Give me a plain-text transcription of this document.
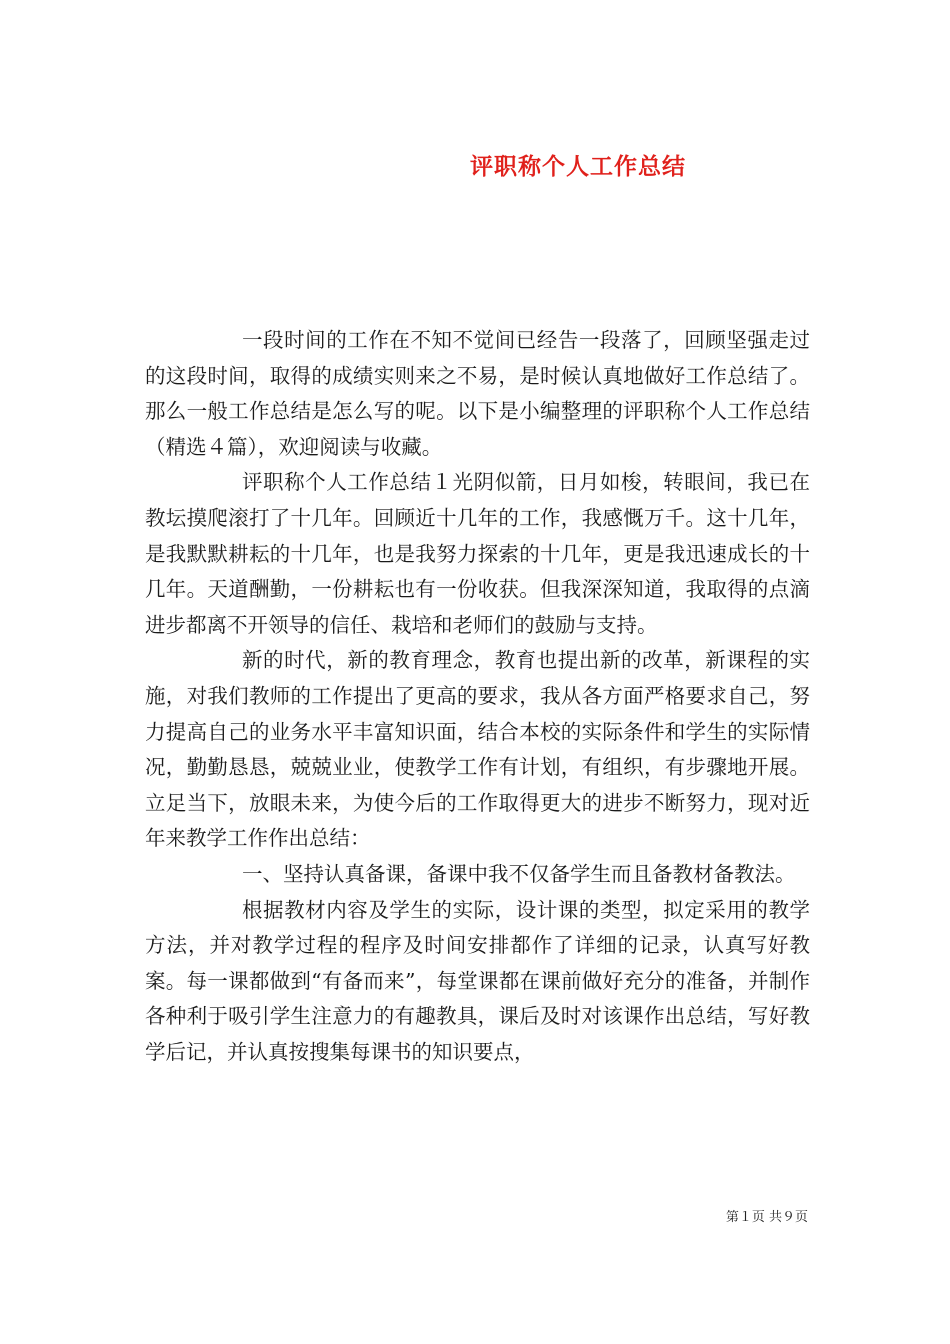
评职称个人工作总结

一段时间的工作在不知不觉间已经告一段落了，回顾坚强走过的这段时间，取得的成绩实则来之不易，是时候认真地做好工作总结了。那么一般工作总结是怎么写的呢。以下是小编整理的评职称个人工作总结（精选４篇），欢迎阅读与收藏。

评职称个人工作总结１光阴似箭，日月如梭，转眼间，我已在教坛摸爬滚打了十几年。回顾近十几年的工作，我感慨万千。这十几年，是我默默耕耘的十几年，也是我努力探索的十几年，更是我迅速成长的十几年。天道酬勤，一份耕耘也有一份收获。但我深深知道，我取得的点滴进步都离不开领导的信任、栽培和老师们的鼓励与支持。

新的时代，新的教育理念，教育也提出新的改革，新课程的实施，对我们教师的工作提出了更高的要求，我从各方面严格要求自己，努力提高自己的业务水平丰富知识面，结合本校的实际条件和学生的实际情况，勤勤恳恳，兢兢业业，使教学工作有计划，有组织，有步骤地开展。立足当下，放眼未来，为使今后的工作取得更大的进步不断努力，现对近年来教学工作作出总结：

一、坚持认真备课，备课中我不仅备学生而且备教材备教法。

根据教材内容及学生的实际，设计课的类型，拟定采用的教学方法，并对教学过程的程序及时间安排都作了详细的记录，认真写好教案。每一课都做到“有备而来”，每堂课都在课前做好充分的准备，并制作各种利于吸引学生注意力的有趣教具，课后及时对该课作出总结，写好教学后记，并认真按搜集每课书的知识要点，

第１页 共９页
